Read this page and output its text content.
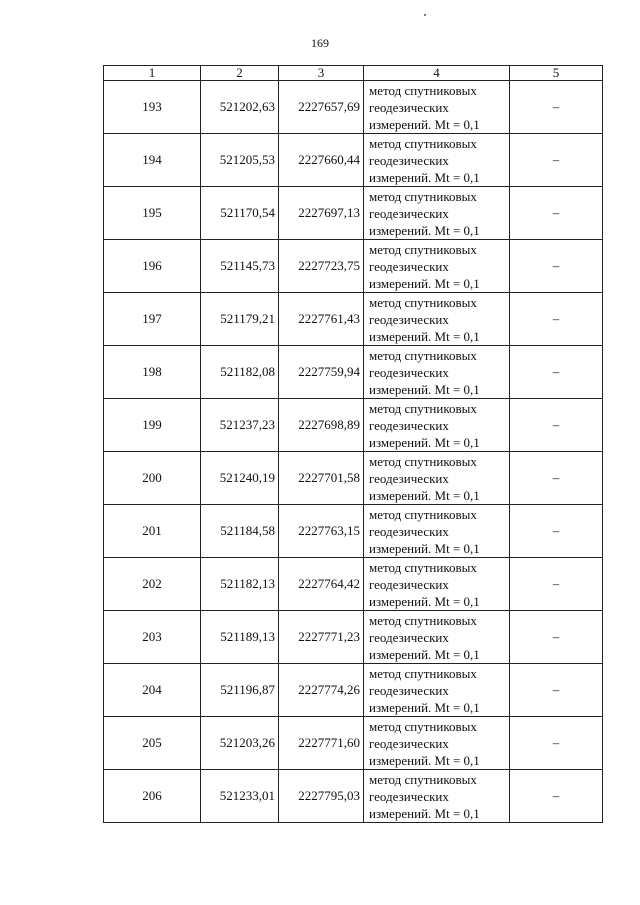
169
1	2	3	4	5
193	521202,63	2227657,69	метод спутниковых
геодезических
измерений. Mt = 0,1	–
194	521205,53	2227660,44	метод спутниковых
геодезических
измерений. Mt = 0,1	–
195	521170,54	2227697,13	метод спутниковых
геодезических
измерений. Mt = 0,1	–
196	521145,73	2227723,75	метод спутниковых
геодезических
измерений. Mt = 0,1	–
197	521179,21	2227761,43	метод спутниковых
геодезических
измерений. Mt = 0,1	–
198	521182,08	2227759,94	метод спутниковых
геодезических
измерений. Mt = 0,1	–
199	521237,23	2227698,89	метод спутниковых
геодезических
измерений. Mt = 0,1	–
200	521240,19	2227701,58	метод спутниковых
геодезических
измерений. Mt = 0,1	–
201	521184,58	2227763,15	метод спутниковых
геодезических
измерений. Mt = 0,1	–
202	521182,13	2227764,42	метод спутниковых
геодезических
измерений. Mt = 0,1	–
203	521189,13	2227771,23	метод спутниковых
геодезических
измерений. Mt = 0,1	–
204	521196,87	2227774,26	метод спутниковых
геодезических
измерений. Mt = 0,1	–
205	521203,26	2227771,60	метод спутниковых
геодезических
измерений. Mt = 0,1	–
206	521233,01	2227795,03	метод спутниковых
геодезических
измерений. Mt = 0,1	–
